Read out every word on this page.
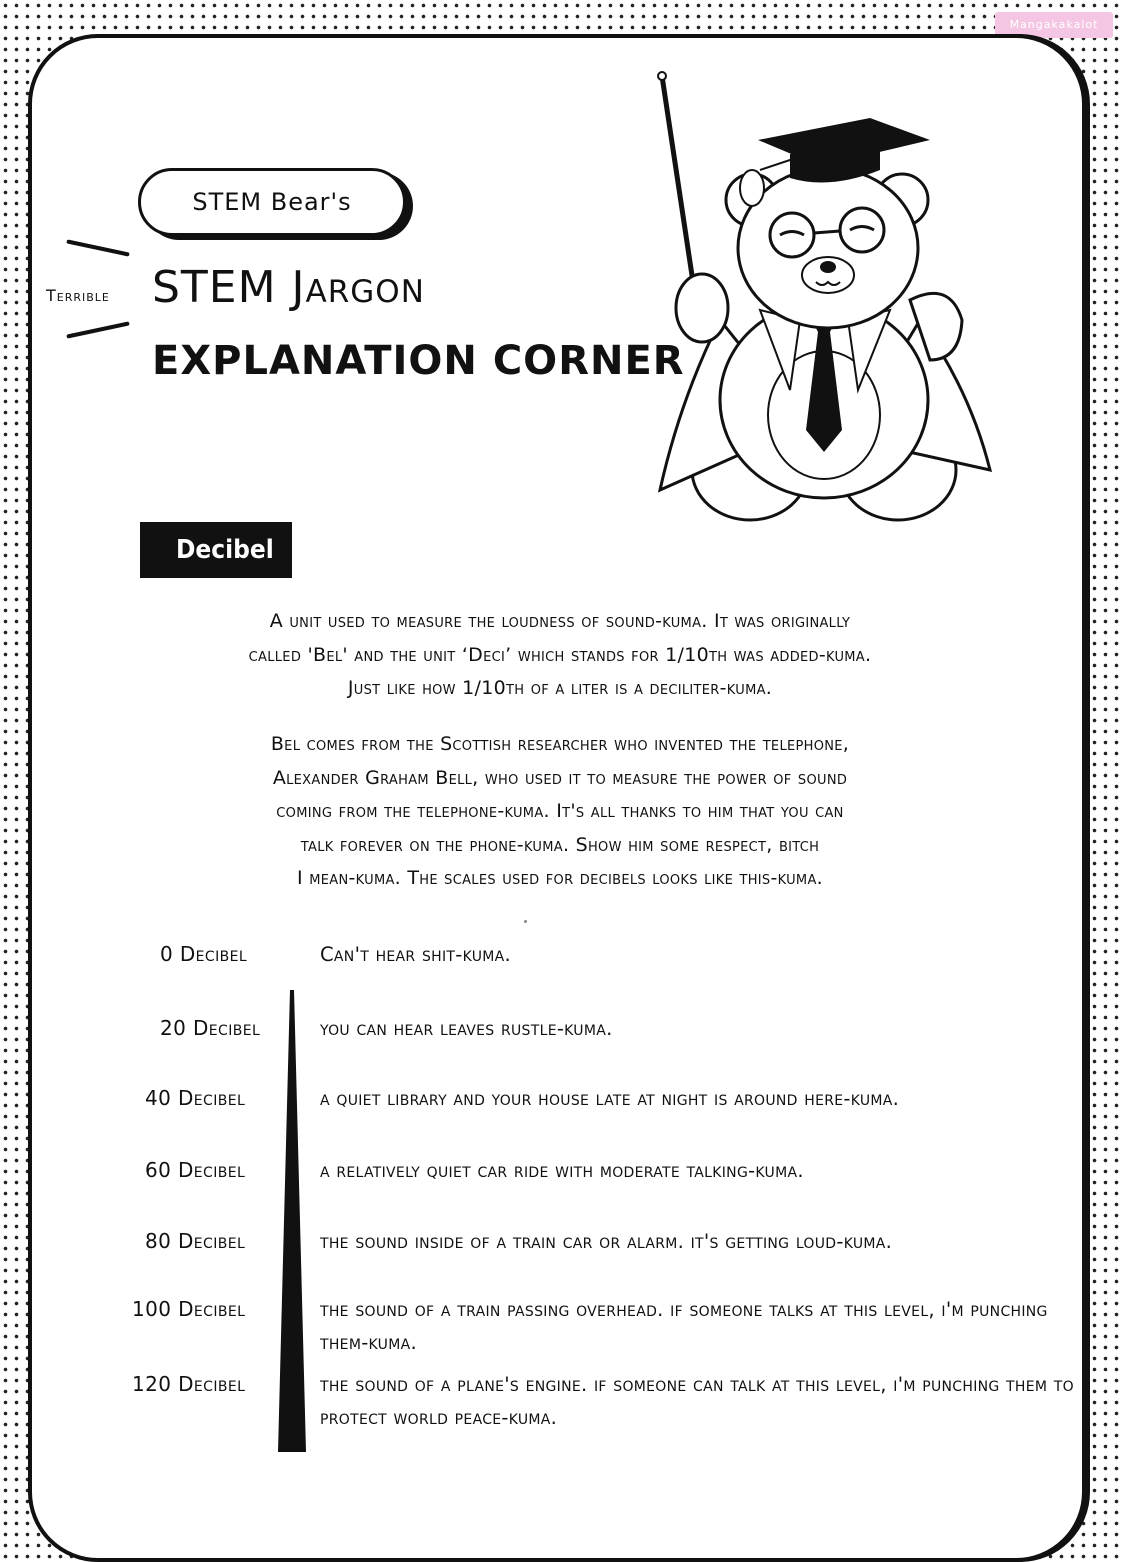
Mangakakalot
STEM Bear's
Terrible STEM Jargon
EXPLANATION CORNER
Decibel
A unit used to measure the loudness of sound-kuma. It was originally
called 'Bel' and the unit ‘Deci’ which stands for 1/10th was added-kuma.
Just like how 1/10th of a liter is a deciliter-kuma.
Bel comes from the Scottish researcher who invented the telephone,
Alexander Graham Bell, who used it to measure the power of sound
coming from the telephone-kuma. It's all thanks to him that you can
talk forever on the phone-kuma. Show him some respect, bitch
I mean-kuma. The scales used for decibels looks like this-kuma.
0 Decibel	Can't hear shit-kuma.
20 Decibel	you can hear leaves rustle-kuma.
40 Decibel	a quiet library and your house late at night is around here-kuma.
60 Decibel	a relatively quiet car ride with moderate talking-kuma.
80 Decibel	the sound inside of a train car or alarm. it's getting loud-kuma.
100 Decibel	the sound of a train passing overhead. if someone talks at this level, i'm punching them-kuma.
120 Decibel	the sound of a plane's engine. if someone can talk at this level, i'm punching them to protect world peace-kuma.
